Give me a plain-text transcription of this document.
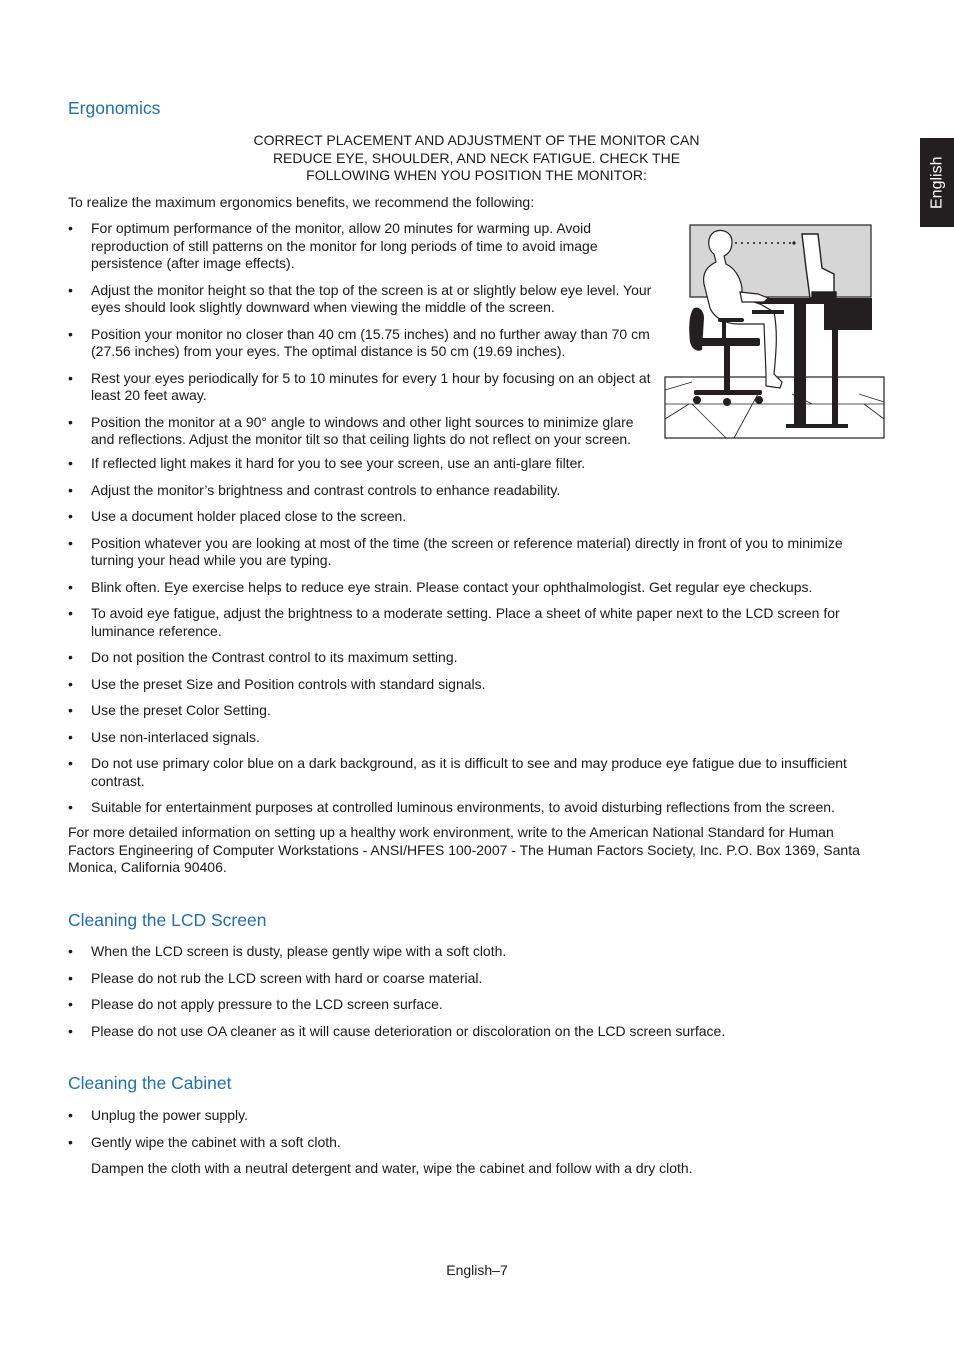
English
Ergonomics
CORRECT PLACEMENT AND ADJUSTMENT OF THE MONITOR CAN
REDUCE EYE, SHOULDER, AND NECK FATIGUE. CHECK THE
FOLLOWING WHEN YOU POSITION THE MONITOR:
To realize the maximum ergonomics benefits, we recommend the following:
• For optimum performance of the monitor, allow 20 minutes for warming up. Avoid reproduction of still patterns on the monitor for long periods of time to avoid image persistence (after image effects).
• Adjust the monitor height so that the top of the screen is at or slightly below eye level. Your eyes should look slightly downward when viewing the middle of the screen.
• Position your monitor no closer than 40 cm (15.75 inches) and no further away than 70 cm (27.56 inches) from your eyes. The optimal distance is 50 cm (19.69 inches).
• Rest your eyes periodically for 5 to 10 minutes for every 1 hour by focusing on an object at least 20 feet away.
• Position the monitor at a 90° angle to windows and other light sources to minimize glare and reflections. Adjust the monitor tilt so that ceiling lights do not reflect on your screen.
• If reflected light makes it hard for you to see your screen, use an anti-glare filter.
• Adjust the monitor’s brightness and contrast controls to enhance readability.
• Use a document holder placed close to the screen.
• Position whatever you are looking at most of the time (the screen or reference material) directly in front of you to minimize turning your head while you are typing.
• Blink often. Eye exercise helps to reduce eye strain. Please contact your ophthalmologist. Get regular eye checkups.
• To avoid eye fatigue, adjust the brightness to a moderate setting. Place a sheet of white paper next to the LCD screen for luminance reference.
• Do not position the Contrast control to its maximum setting.
• Use the preset Size and Position controls with standard signals.
• Use the preset Color Setting.
• Use non-interlaced signals.
• Do not use primary color blue on a dark background, as it is difficult to see and may produce eye fatigue due to insufficient contrast.
• Suitable for entertainment purposes at controlled luminous environments, to avoid disturbing reflections from the screen.
For more detailed information on setting up a healthy work environment, write to the American National Standard for Human Factors Engineering of Computer Workstations - ANSI/HFES 100-2007 - The Human Factors Society, Inc. P.O. Box 1369, Santa Monica, California 90406.
Cleaning the LCD Screen
• When the LCD screen is dusty, please gently wipe with a soft cloth.
• Please do not rub the LCD screen with hard or coarse material.
• Please do not apply pressure to the LCD screen surface.
• Please do not use OA cleaner as it will cause deterioration or discoloration on the LCD screen surface.
Cleaning the Cabinet
• Unplug the power supply.
• Gently wipe the cabinet with a soft cloth.
Dampen the cloth with a neutral detergent and water, wipe the cabinet and follow with a dry cloth.
English–7
